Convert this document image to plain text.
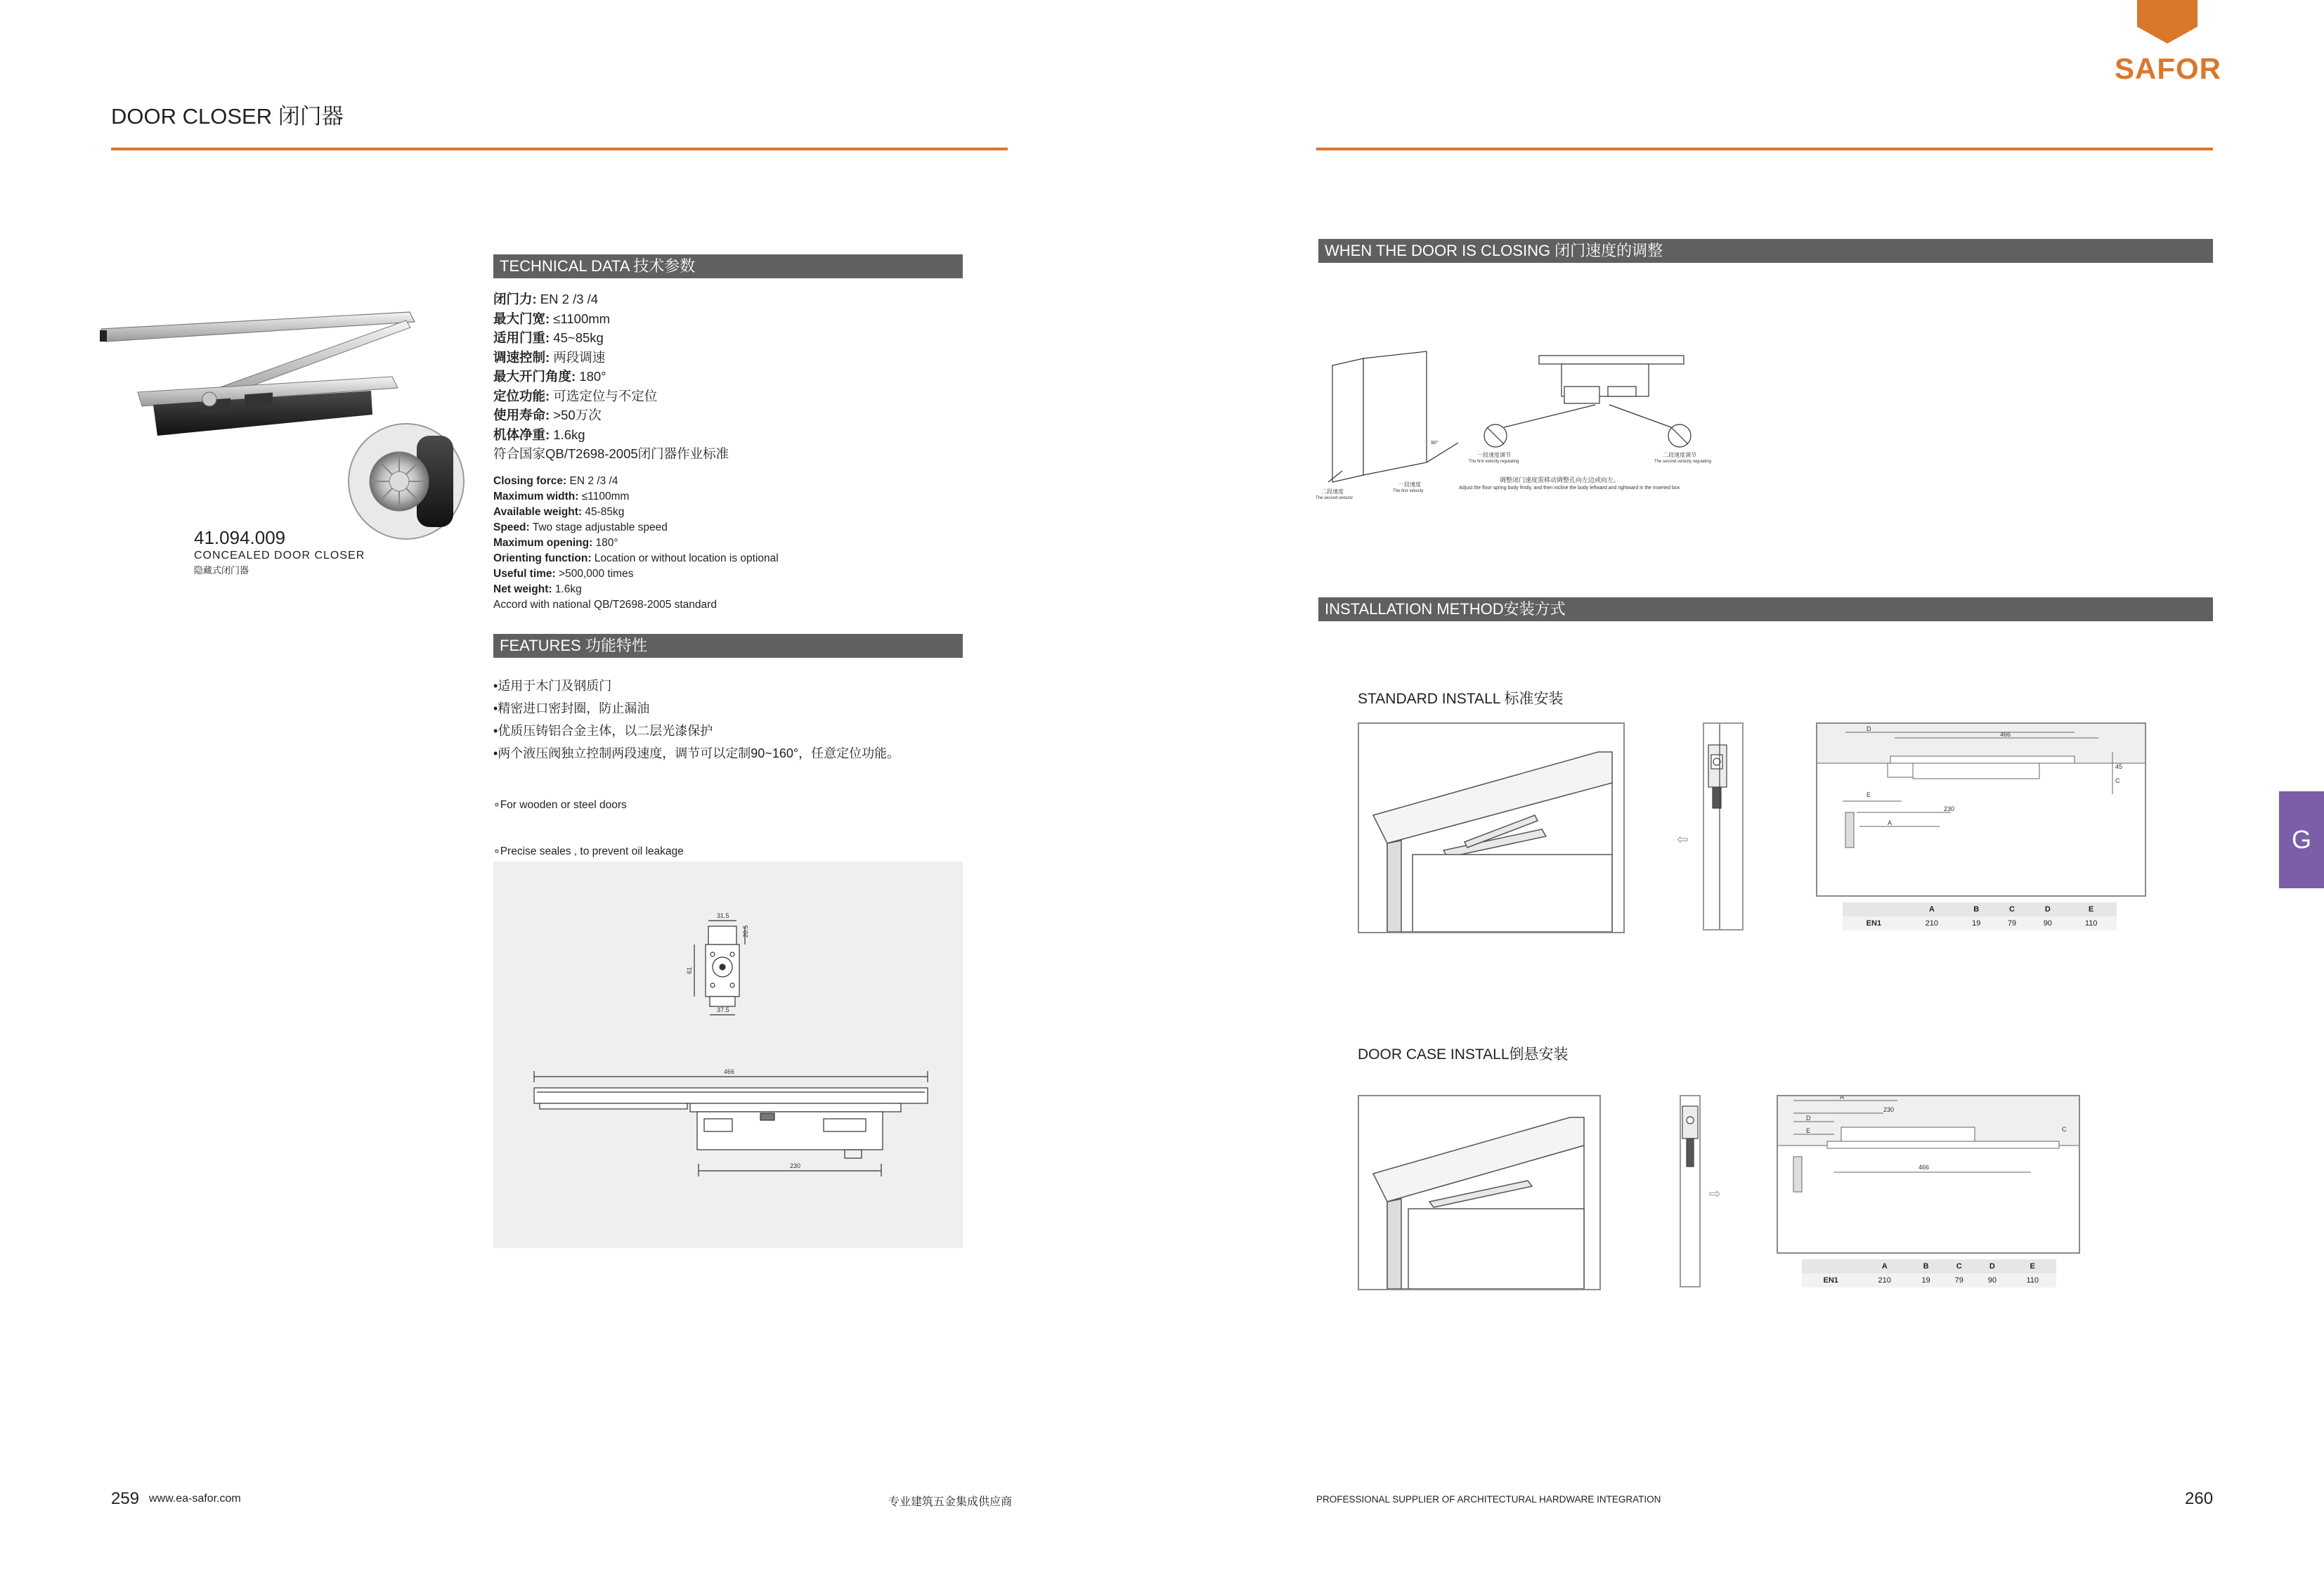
DOOR CLOSER 闭门器
41.094.009
CONCEALED DOOR CLOSER
隐藏式闭门器
TECHNICAL DATA 技术参数
闭门力: EN 2 /3 /4
最大门宽: ≤1100mm
适用门重: 45~85kg
调速控制: 两段调速
最大开门角度: 180°
定位功能: 可选定位与不定位
使用寿命: >50万次
机体净重: 1.6kg
符合国家QB/T2698-2005闭门器作业标准
Closing force: EN 2 /3 /4
Maximum width: ≤1100mm
Available weight: 45-85kg
Speed: Two stage adjustable speed
Maximum opening: 180°
Orienting function: Location or without location is optional
Useful time: >500,000 times
Net weight: 1.6kg
Accord with national QB/T2698-2005 standard
FEATURES 功能特性
•适用于木门及钢质门
•精密进口密封圈，防止漏油
•优质压铸铝合金主体，以二层光漆保护
•两个液压阀独立控制两段速度，调节可以定制90~160°，任意定位功能。

∘For wooden or steel doors

∘Precise seales , to prevent oil leakage

31.5
20.5
61
37.5
466
230
259 www.ea-safor.com	专业建筑五金集成供应商
SAFOR
WHEN THE DOOR IS CLOSING 闭门速度的调整
二段速度
The second velocity
一段速度
The first velocity
90°
一段速度调节
The first velocity regulating
二段速度调节
The second velocity regulating
调整闭门速度需移动调整孔向左边或向左。
Adjust the floor spring body firstly, and then incline the body leftward and rightward in the inserted box
INSTALLATION METHOD安装方式
STANDARD INSTALL 标准安装
⇦
D
466
E
230
A
45
C
	A	B	C	D	E
EN1	210	19	79	90	110
DOOR CASE INSTALL倒悬安装
⇨
A
230
D
E
466
C
	A	B	C	D	E
EN1	210	19	79	90	110
G
PROFESSIONAL SUPPLIER OF ARCHITECTURAL HARDWARE INTEGRATION	260
